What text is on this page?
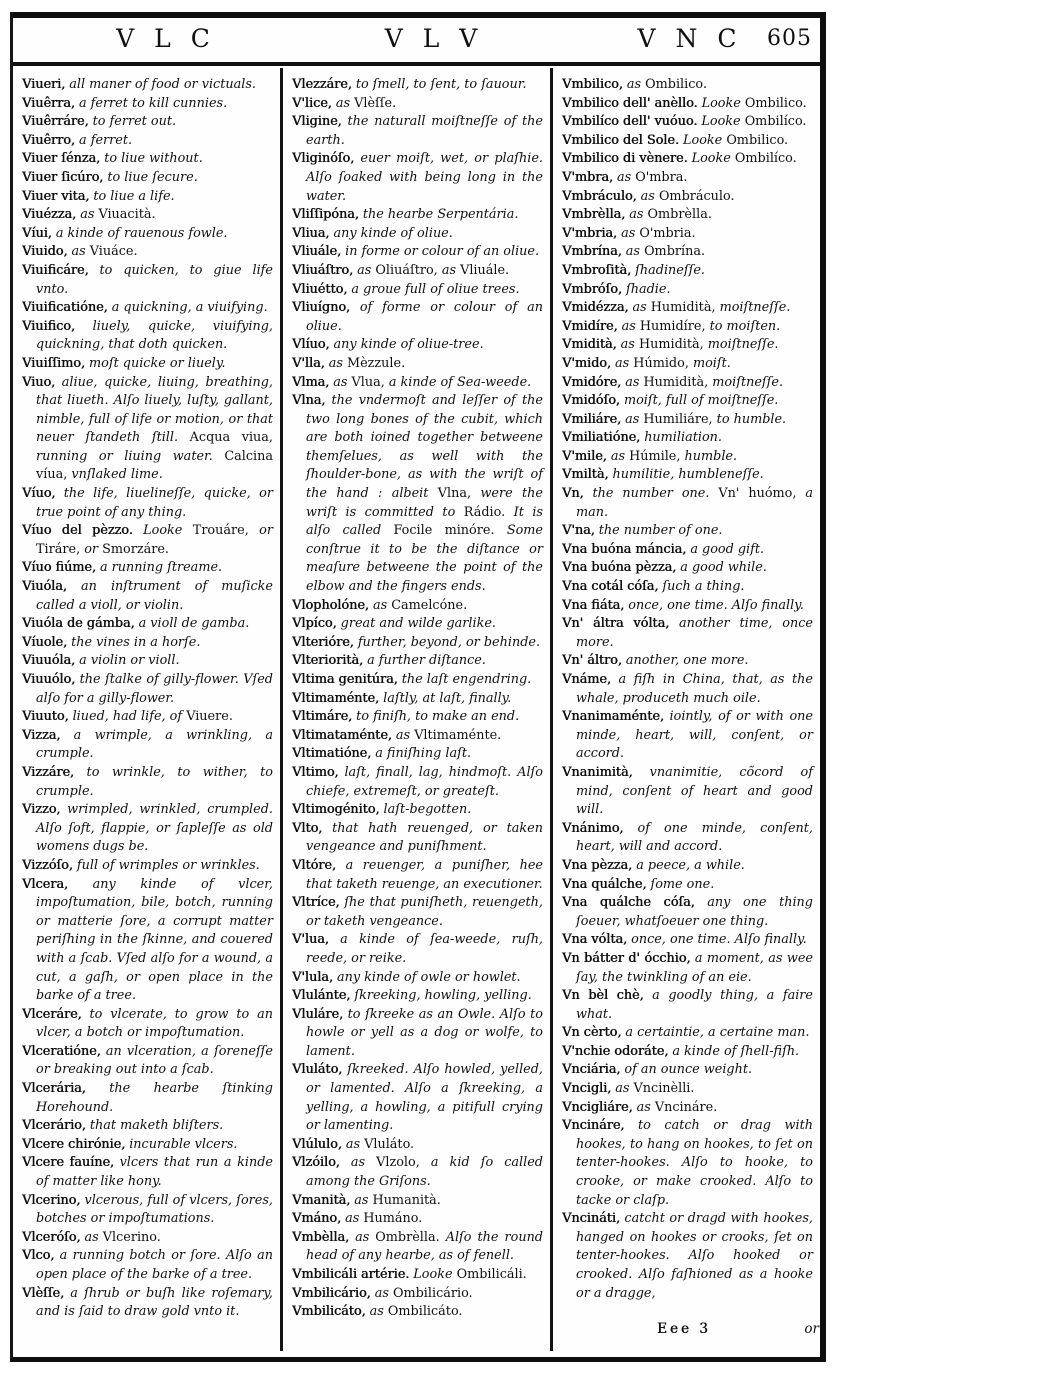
V L C	V L V	V N C	605

Viueri, all maner of food or victuals.

Viuêrra, a ferret to kill cunnies.

Viuêrráre, to ferret out.

Viuêrro, a ferret.

Viuer ſénza, to liue without.

Viuer ſicúro, to liue ſecure.

Viuer vita, to liue a life.

Viuézza, as Viuacità.

Víui, a kinde of rauenous fowle.

Viuido, as Viuáce.

Viuificáre, to quicken, to giue life vnto.

Viuificatióne, a quickning, a viuifying.

Viuifico, liuely, quicke, viuifying, quickning, that doth quicken.

Viuiſſimo, moſt quicke or liuely.

Viuo, aliue, quicke, liuing, breathing, that liueth. Alſo liuely, luſty, gallant, nimble, full of life or motion, or that neuer ſtandeth ſtill. Acqua viua, running or liuing water. Calcina víua, vnſlaked lime.

Víuo, the life, liuelineſſe, quicke, or true point of any thing.

Víuo del pèzzo. Looke Trouáre, or Tiráre, or Smorzáre.

Víuo fiúme, a running ſtreame.

Viuóla, an inſtrument of muſicke called a violl, or violin.

Viuóla de gámba, a violl de gamba.

Víuole, the vines in a horſe.

Viuuóla, a violin or violl.

Viuuólo, the ſtalke of gilly-flower. Vſed alſo for a gilly-flower.

Viuuto, liued, had life, of Viuere.

Vizza, a wrimple, a wrinkling, a crumple.

Vizzáre, to wrinkle, to wither, to crumple.

Vizzo, wrimpled, wrinkled, crumpled. Alſo ſoft, flappie, or ſapleſſe as old womens dugs be.

Vizzóſo, full of wrimples or wrinkles.

Vlcera, any kinde of vlcer, impoſtumation, bile, botch, running or matterie ſore, a corrupt matter periſhing in the ſkinne, and couered with a ſcab. Vſed alſo for a wound, a cut, a gaſh, or open place in the barke of a tree.

Vlceráre, to vlcerate, to grow to an vlcer, a botch or impoſtumation.

Vlceratióne, an vlceration, a ſoreneſſe or breaking out into a ſcab.

Vlcerária, the hearbe ſtinking Horehound.

Vlcerário, that maketh bliſters.

Vlcere chirónie, incurable vlcers.

Vlcere fauíne, vlcers that run a kinde of matter like hony.

Vlcerino, vlcerous, full of vlcers, ſores, botches or impoſtumations.

Vlceróſo, as Vlcerino.

Vlco, a running botch or ſore. Alſo an open place of the barke of a tree.

Vlèſſe, a ſhrub or buſh like roſemary, and is ſaid to draw gold vnto it.

Vlezzáre, to ſmell, to ſent, to ſauour.

V'lice, as Vlèſſe.

Vligine, the naturall moiſtneſſe of the earth.

Vliginóſo, euer moiſt, wet, or plaſhie. Alſo ſoaked with being long in the water.

Vliſſipóna, the hearbe Serpentária.

Vliua, any kinde of oliue.

Vliuále, in forme or colour of an oliue.

Vliuáſtro, as Oliuáſtro, as Vliuále.

Vliuétto, a groue full of oliue trees.

Vliuígno, of forme or colour of an oliue.

Vlíuo, any kinde of oliue-tree.

V'lla, as Mèzzule.

Vlma, as Vlua, a kinde of Sea-weede.

Vlna, the vndermoſt and leſſer of the two long bones of the cubit, which are both ioined together betweene themſelues, as well with the ſhoulder-bone, as with the wriſt of the hand : albeit Vlna, were the wriſt is committed to Rádio. It is alſo called Focile minóre. Some conſtrue it to be the diſtance or meaſure betweene the point of the elbow and the fingers ends.

Vlopholóne, as Camelcóne.

Vlpíco, great and wilde garlike.

Vlterióre, further, beyond, or behinde.

Vlteriorità, a further diſtance.

Vltima genitúra, the laſt engendring.

Vltimaménte, laſtly, at laſt, finally.

Vltimáre, to finiſh, to make an end.

Vltimataménte, as Vltimaménte.

Vltimatióne, a finiſhing laſt.

Vltimo, laſt, finall, lag, hindmoſt. Alſo chiefe, extremeſt, or greateſt.

Vltimogénito, laſt-begotten.

Vlto, that hath reuenged, or taken vengeance and puniſhment.

Vltóre, a reuenger, a puniſher, hee that taketh reuenge, an executioner.

Vltríce, ſhe that puniſheth, reuengeth, or taketh vengeance.

V'lua, a kinde of ſea-weede, ruſh, reede, or reike.

V'lula, any kinde of owle or howlet.

Vlulánte, ſkreeking, howling, yelling.

Vluláre, to ſkreeke as an Owle. Alſo to howle or yell as a dog or wolfe, to lament.

Vluláto, ſkreeked. Alſo howled, yelled, or lamented. Alſo a ſkreeking, a yelling, a howling, a pitifull crying or lamenting.

Vlúlulo, as Vluláto.

Vlzóilo, as Vlzolo, a kid ſo called among the Griſons.

Vmanità, as Humanità.

Vmáno, as Humáno.

Vmbèlla, as Ombrèlla. Alſo the round head of any hearbe, as of fenell.

Vmbilicáli artérie. Looke Ombilicáli.

Vmbilicário, as Ombilicário.

Vmbilicáto, as Ombilicáto.

Vmbilico, as Ombilico.

Vmbilico dell' anèllo. Looke Ombilico.

Vmbilíco dell' vuóuo. Looke Ombilíco.

Vmbilico del Sole. Looke Ombilico.

Vmbilico di vènere. Looke Ombilíco.

V'mbra, as O'mbra.

Vmbráculo, as Ombráculo.

Vmbrèlla, as Ombrèlla.

V'mbria, as O'mbria.

Vmbrína, as Ombrína.

Vmbroſità, ſhadineſſe.

Vmbróſo, ſhadie.

Vmidézza, as Humidità, moiſtneſſe.

Vmidíre, as Humidíre, to moiſten.

Vmidità, as Humidità, moiſtneſſe.

V'mido, as Húmido, moiſt.

Vmidóre, as Humidità, moiſtneſſe.

Vmidóſo, moiſt, full of moiſtneſſe.

Vmiliáre, as Humiliáre, to humble.

Vmiliatióne, humiliation.

V'mile, as Húmile, humble.

Vmiltà, humilitie, humbleneſſe.

Vn, the number one. Vn' huómo, a man.

V'na, the number of one.

Vna buóna máncia, a good gift.

Vna buóna pèzza, a good while.

Vna cotál cóſa, ſuch a thing.

Vna fiáta, once, one time. Alſo finally.

Vn' áltra vólta, another time, once more.

Vn' áltro, another, one more.

Vnáme, a fiſh in China, that, as the whale, produceth much oile.

Vnanimaménte, iointly, of or with one minde, heart, will, conſent, or accord.

Vnanimità, vnanimitie, cõcord of mind, conſent of heart and good will.

Vnánimo, of one minde, conſent, heart, will and accord.

Vna pèzza, a peece, a while.

Vna quálche, ſome one.

Vna quálche cóſa, any one thing ſoeuer, whatſoeuer one thing.

Vna vólta, once, one time. Alſo finally.

Vn bátter d' ócchio, a moment, as wee ſay, the twinkling of an eie.

Vn bèl chè, a goodly thing, a faire what.

Vn cèrto, a certaintie, a certaine man.

V'nchie odoráte, a kinde of ſhell-fiſh.

Vnciária, of an ounce weight.

Vncigli, as Vncinèlli.

Vncigliáre, as Vncináre.

Vncináre, to catch or drag with hookes, to hang on hookes, to ſet on tenter-hookes. Alſo to hooke, to crooke, or make crooked. Alſo to tacke or claſp.

Vncináti, catcht or dragd with hookes, hanged on hookes or crooks, ſet on tenter-hookes. Alſo hooked or crooked. Alſo faſhioned as a hooke or a dragge,

Eee 3	or
